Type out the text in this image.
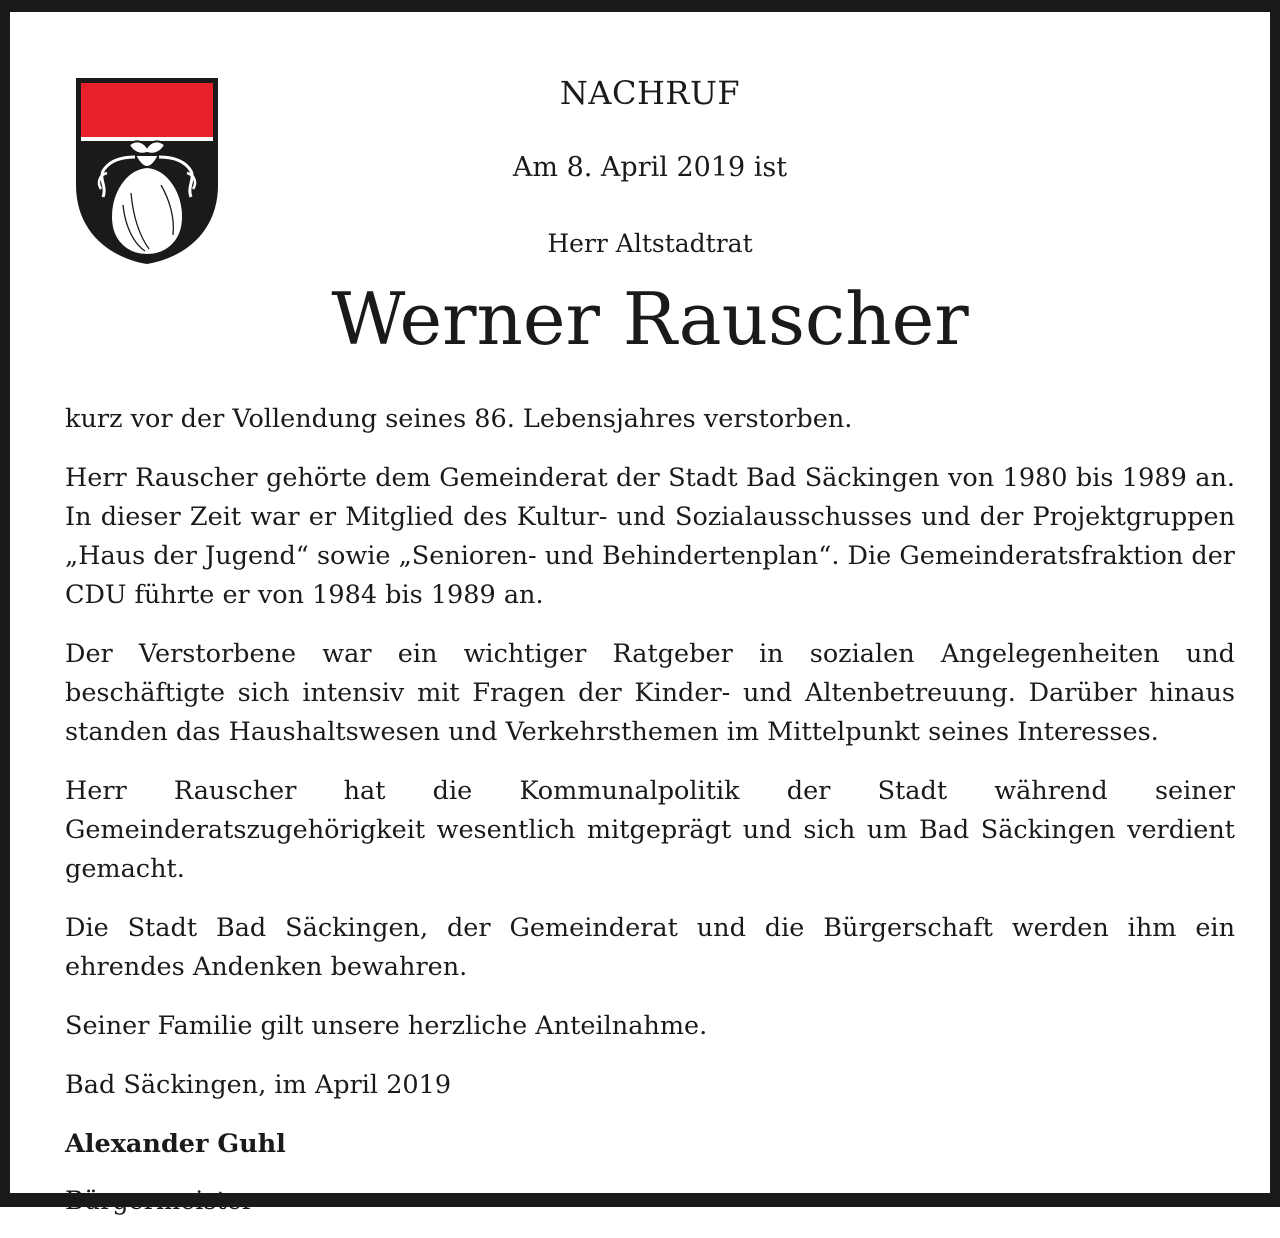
NACHRUF
Am 8. April 2019 ist
Herr Altstadtrat
Werner Rauscher

kurz vor der Vollendung seines 86. Lebensjahres verstorben.

Herr Rauscher gehörte dem Gemeinderat der Stadt Bad Säckingen von 1980 bis 1989 an. In dieser Zeit war er Mitglied des Kultur- und Sozialausschusses und der Projektgruppen „Haus der Jugend“ sowie „Senioren- und Behindertenplan“. Die Gemeinderatsfraktion der CDU führte er von 1984 bis 1989 an.

Der Verstorbene war ein wichtiger Ratgeber in sozialen Angelegenheiten und beschäftigte sich intensiv mit Fragen der Kinder- und Altenbetreuung. Darüber hinaus standen das Haushaltswesen und Verkehrsthemen im Mittelpunkt seines Interesses.

Herr Rauscher hat die Kommunalpolitik der Stadt während seiner Gemeinderatszugehörigkeit wesentlich mitgeprägt und sich um Bad Säckingen verdient gemacht.

Die Stadt Bad Säckingen, der Gemeinderat und die Bürgerschaft werden ihm ein ehrendes Andenken bewahren.

Seiner Familie gilt unsere herzliche Anteilnahme.

Bad Säckingen, im April 2019

Alexander Guhl

Bürgermeister
